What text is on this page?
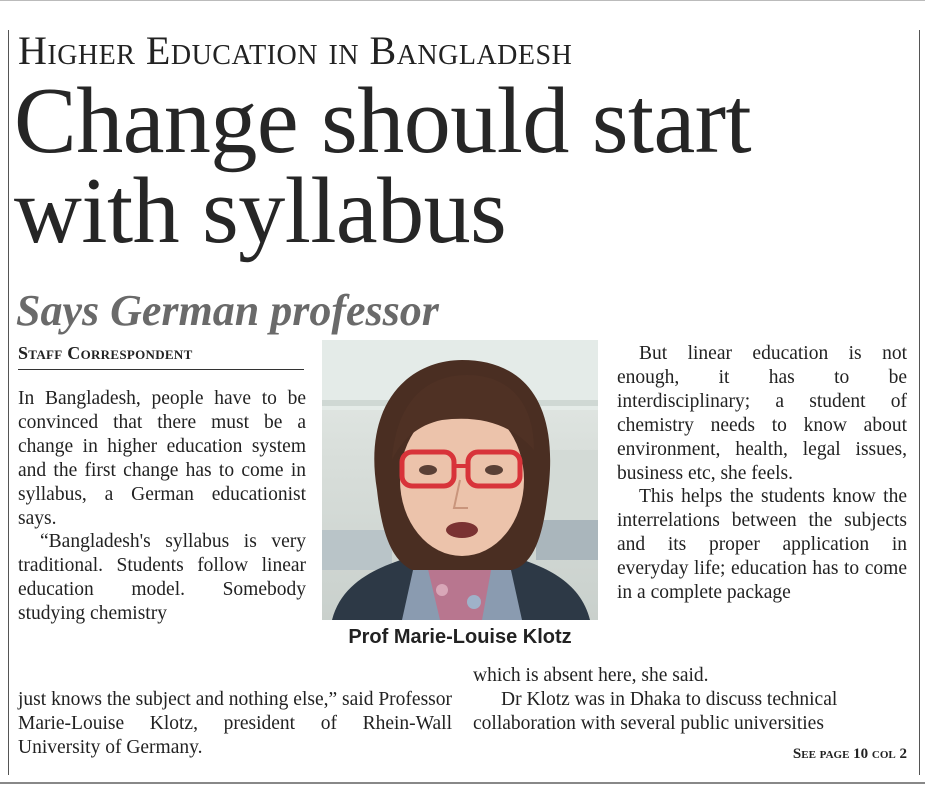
Higher Education in Bangladesh
Change should start with syllabus
Says German professor
Staff Correspondent

In Bangladesh, people have to be convinced that there must be a change in higher education system and the first change has to come in syllabus, a German educationist says.

“Bangladesh's syllabus is very traditional. Students follow linear education model. Somebody studying chemistry

Prof Marie-Louise Klotz

But linear education is not enough, it has to be interdisciplinary; a student of chemistry needs to know about environment, health, legal issues, business etc, she feels.

This helps the students know the interrelations between the subjects and its proper application in everyday life; education has to come in a complete package

just knows the subject and nothing else,” said Professor Marie-Louise Klotz, president of Rhein-Wall University of Germany.

which is absent here, she said.

Dr Klotz was in Dhaka to discuss technical collaboration with several public universities

See page 10 col 2
